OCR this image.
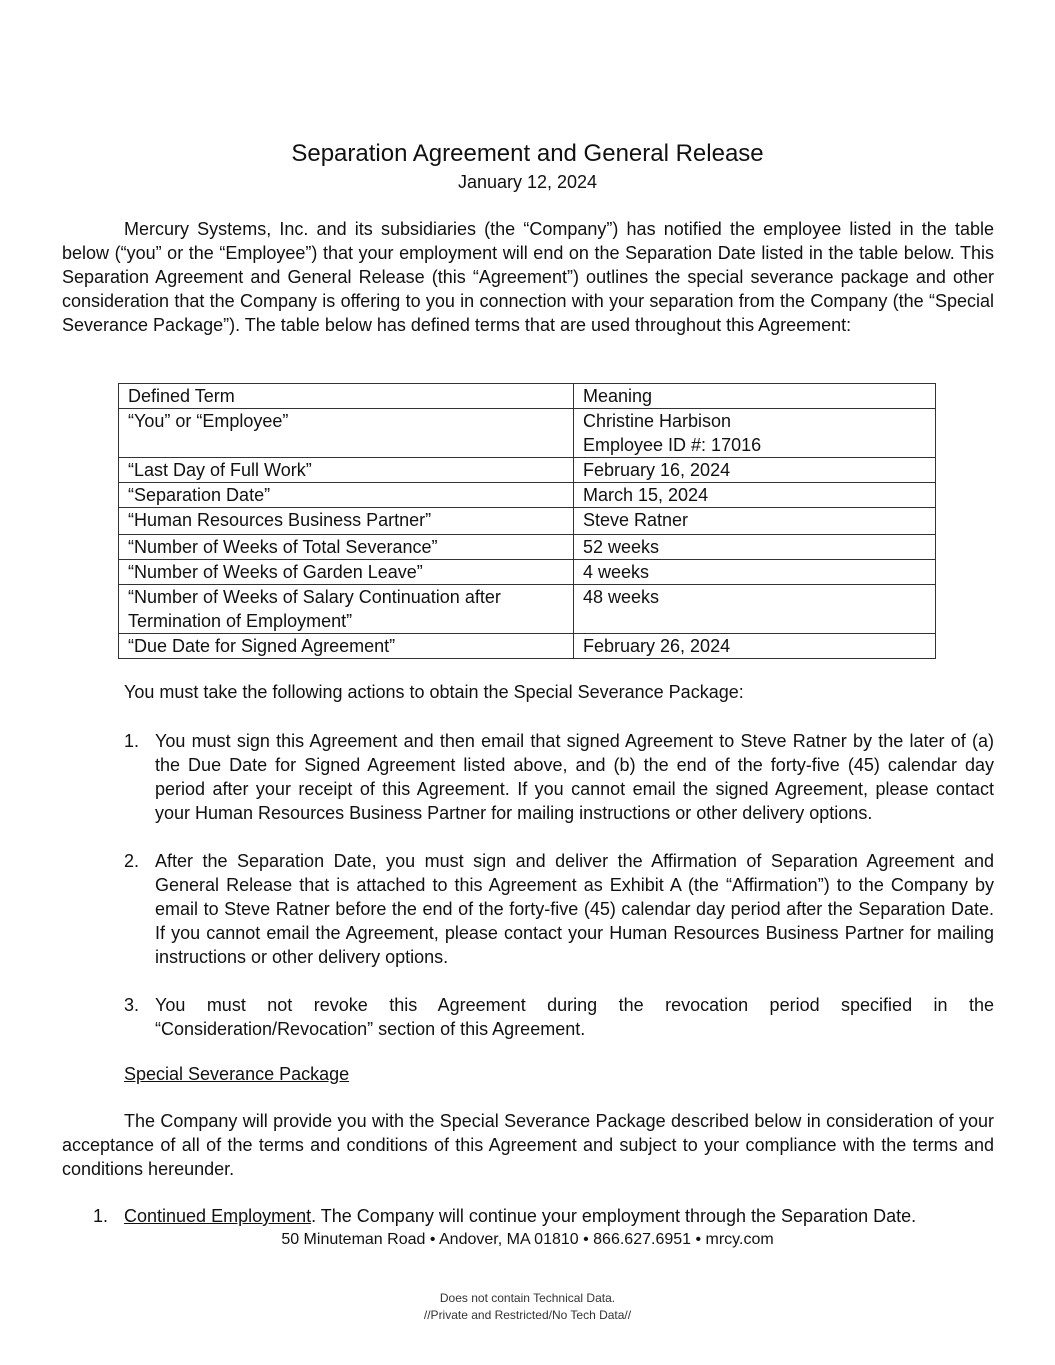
Separation Agreement and General Release
January 12, 2024

Mercury Systems, Inc. and its subsidiaries (the “Company”) has notified the employee listed in the table below (“you” or the “Employee”) that your employment will end on the Separation Date listed in the table below. This Separation Agreement and General Release (this “Agreement”) outlines the special severance package and other consideration that the Company is offering to you in connection with your separation from the Company (the “Special Severance Package”). The table below has defined terms that are used throughout this Agreement:

Defined Term	Meaning
“You” or “Employee”	Christine Harbison
Employee ID #: 17016

“Last Day of Full Work”	February 16, 2024
“Separation Date”	March 15, 2024
“Human Resources Business Partner”	Steve Ratner
“Number of Weeks of Total Severance”	52 weeks
“Number of Weeks of Garden Leave”	4 weeks

“Number of Weeks of Salary Continuation after
Termination of Employment”	48 weeks
“Due Date for Signed Agreement”	February 26, 2024
You must take the following actions to obtain the Special Severance Package:
1. You must sign this Agreement and then email that signed Agreement to Steve Ratner by the later of (a) the Due Date for Signed Agreement listed above, and (b) the end of the forty-five (45) calendar day period after your receipt of this Agreement. If you cannot email the signed Agreement, please contact your Human Resources Business Partner for mailing instructions or other delivery options.
2. After the Separation Date, you must sign and deliver the Affirmation of Separation Agreement and General Release that is attached to this Agreement as Exhibit A (the “Affirmation”) to the Company by email to Steve Ratner before the end of the forty-five (45) calendar day period after the Separation Date. If you cannot email the Agreement, please contact your Human Resources Business Partner for mailing instructions or other delivery options.
3. You must not revoke this Agreement during the revocation period specified in the “Consideration/Revocation” section of this Agreement.
Special Severance Package

The Company will provide you with the Special Severance Package described below in consideration of your acceptance of all of the terms and conditions of this Agreement and subject to your compliance with the terms and conditions hereunder.

1. Continued Employment. The Company will continue your employment through the Separation Date.
50 Minuteman Road • Andover, MA 01810 • 866.627.6951 • mrcy.com
Does not contain Technical Data.
//Private and Restricted/No Tech Data//
